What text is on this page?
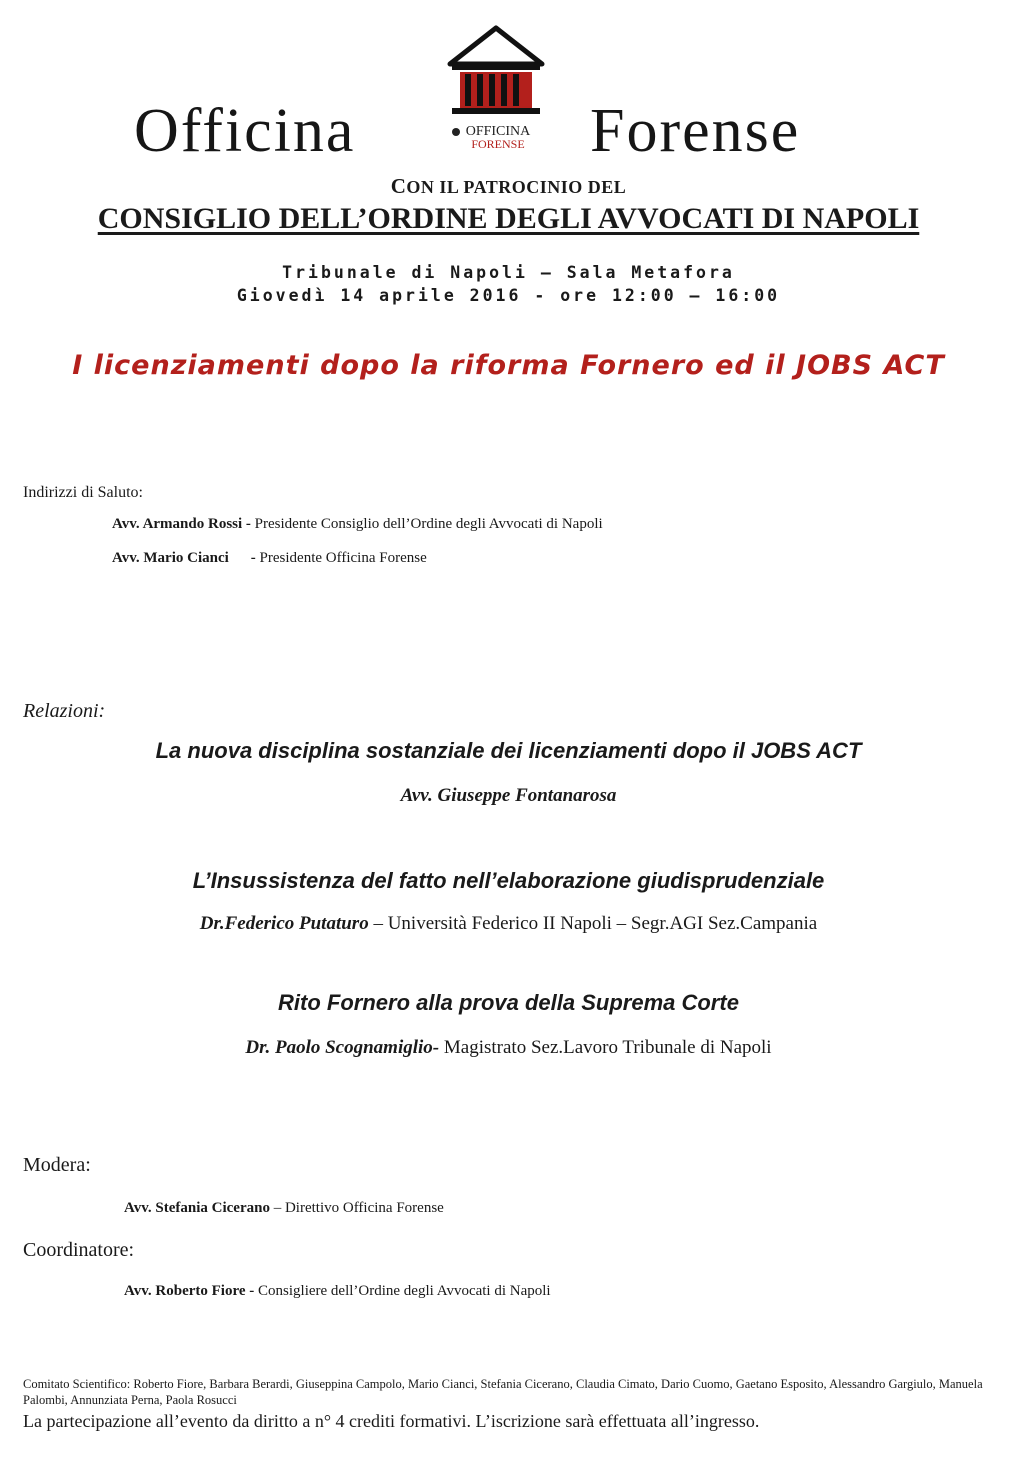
Officina	OFFICINA
FORENSE Forense
CON IL PATROCINIO DEL
CONSIGLIO DELL’ORDINE DEGLI AVVOCATI DI NAPOLI
Tribunale di Napoli – Sala Metafora
Giovedì 14 aprile 2016 - ore 12:00 – 16:00
I licenziamenti dopo la riforma Fornero ed il JOBS ACT
Indirizzi di Saluto:
Avv. Armando Rossi - Presidente Consiglio dell’Ordine degli Avvocati di Napoli
Avv. Mario Cianci - Presidente Officina Forense
Relazioni:
La nuova disciplina sostanziale dei licenziamenti dopo il JOBS ACT
Avv. Giuseppe Fontanarosa
L’Insussistenza del fatto nell’elaborazione giudisprudenziale
Dr.Federico Putaturo – Università Federico II Napoli – Segr.AGI Sez.Campania
Rito Fornero alla prova della Suprema Corte
Dr. Paolo Scognamiglio- Magistrato Sez.Lavoro Tribunale di Napoli
Modera:
Avv. Stefania Cicerano – Direttivo Officina Forense
Coordinatore:
Avv. Roberto Fiore - Consigliere dell’Ordine degli Avvocati di Napoli
Comitato Scientifico: Roberto Fiore, Barbara Berardi, Giuseppina Campolo, Mario Cianci, Stefania Cicerano, Claudia Cimato, Dario Cuomo, Gaetano Esposito, Alessandro Gargiulo, Manuela Palombi, Annunziata Perna, Paola Rosucci
La partecipazione all’evento da diritto a n° 4 crediti formativi. L’iscrizione sarà effettuata all’ingresso.
